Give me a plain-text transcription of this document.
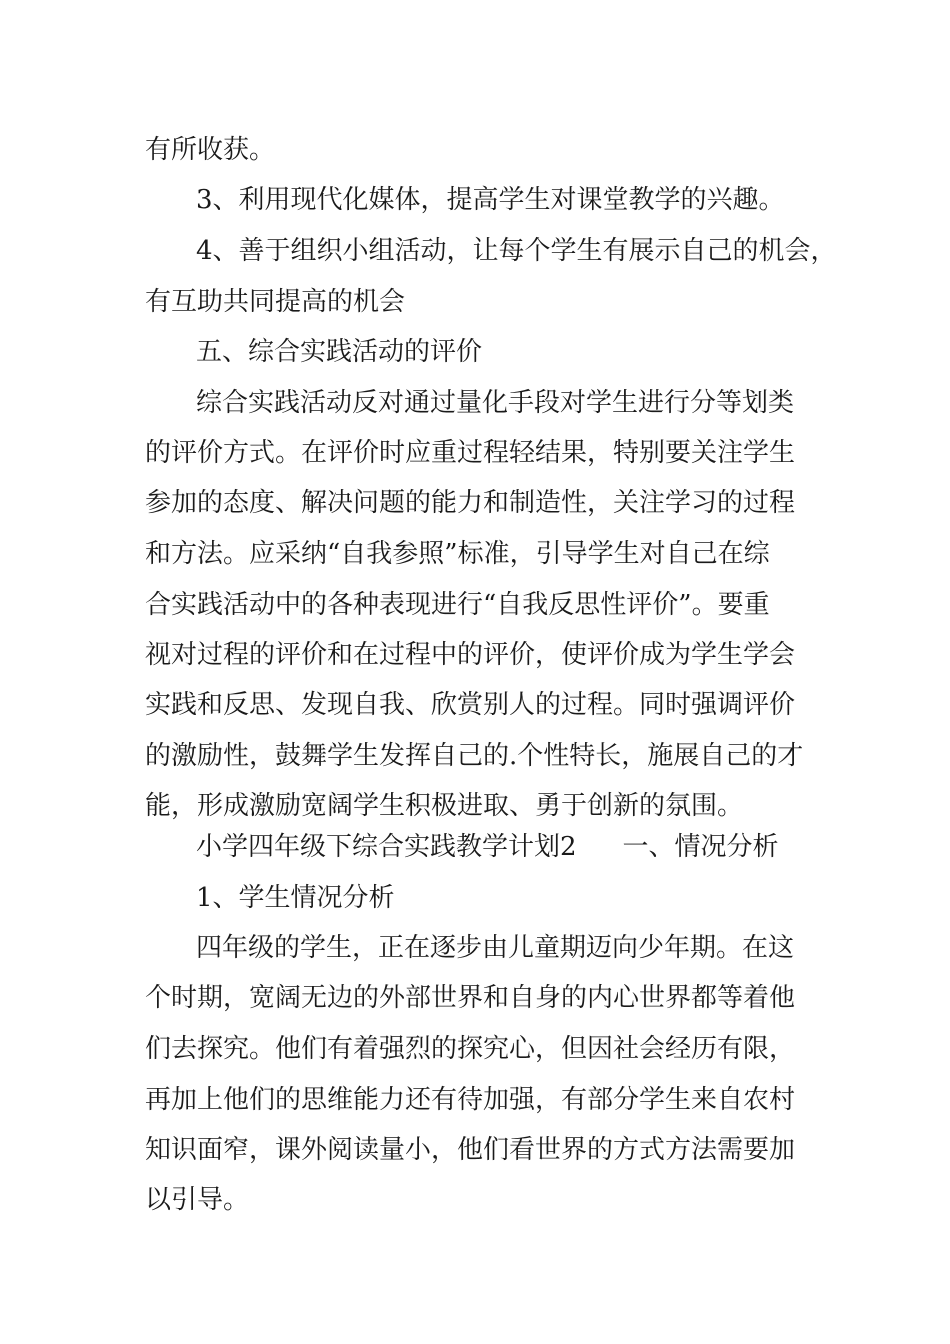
有所收获。
3、利用现代化媒体，提高学生对课堂教学的兴趣。
4、善于组织小组活动，让每个学生有展示自己的机会，
有互助共同提高的机会
五、综合实践活动的评价
综合实践活动反对通过量化手段对学生进行分等划类
的评价方式。在评价时应重过程轻结果，特别要关注学生
参加的态度、解决问题的能力和制造性，关注学习的过程
和方法。应采纳“自我参照”标准，引导学生对自己在综
合实践活动中的各种表现进行“自我反思性评价”。要重
视对过程的评价和在过程中的评价，使评价成为学生学会
实践和反思、发现自我、欣赏别人的过程。同时强调评价
的激励性，鼓舞学生发挥自己的.个性特长，施展自己的才
能，形成激励宽阔学生积极进取、勇于创新的氛围。
小学四年级下综合实践教学计划2 一、情况分析
1、学生情况分析
四年级的学生，正在逐步由儿童期迈向少年期。在这
个时期，宽阔无边的外部世界和自身的内心世界都等着他
们去探究。他们有着强烈的探究心，但因社会经历有限，
再加上他们的思维能力还有待加强，有部分学生来自农村
知识面窄，课外阅读量小，他们看世界的方式方法需要加
以引导。
